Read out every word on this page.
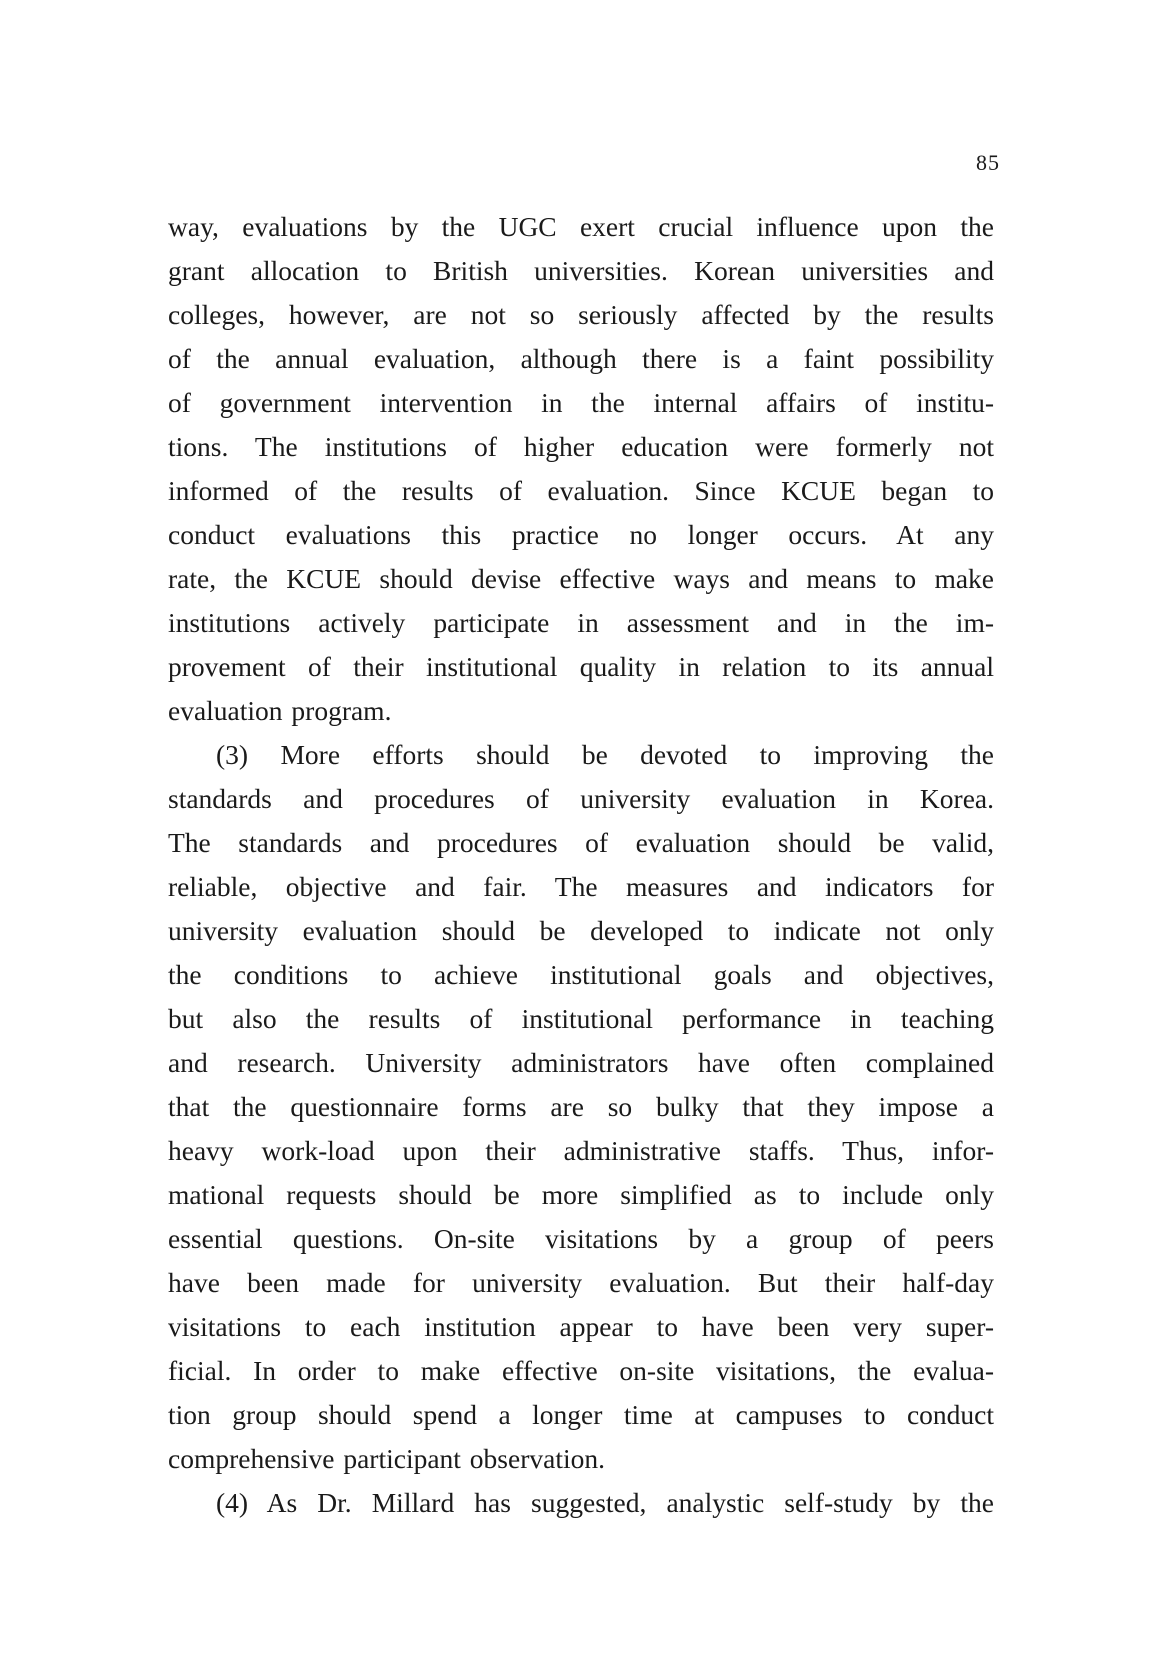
85
way, evaluations by the UGC exert crucial influence upon the
grant allocation to British universities. Korean universities and
colleges, however, are not so seriously affected by the results
of the annual evaluation, although there is a faint possibility
of government intervention in the internal affairs of institu-
tions. The institutions of higher education were formerly not
informed of the results of evaluation. Since KCUE began to
conduct evaluations this practice no longer occurs. At any
rate, the KCUE should devise effective ways and means to make
institutions actively participate in assessment and in the im-
provement of their institutional quality in relation to its annual
evaluation program.
(3) More efforts should be devoted to improving the
standards and procedures of university evaluation in Korea.
The standards and procedures of evaluation should be valid,
reliable, objective and fair. The measures and indicators for
university evaluation should be developed to indicate not only
the conditions to achieve institutional goals and objectives,
but also the results of institutional performance in teaching
and research. University administrators have often complained
that the questionnaire forms are so bulky that they impose a
heavy work-load upon their administrative staffs. Thus, infor-
mational requests should be more simplified as to include only
essential questions. On-site visitations by a group of peers
have been made for university evaluation. But their half-day
visitations to each institution appear to have been very super-
ficial. In order to make effective on-site visitations, the evalua-
tion group should spend a longer time at campuses to conduct
comprehensive participant observation.
(4) As Dr. Millard has suggested, analystic self-study by the
